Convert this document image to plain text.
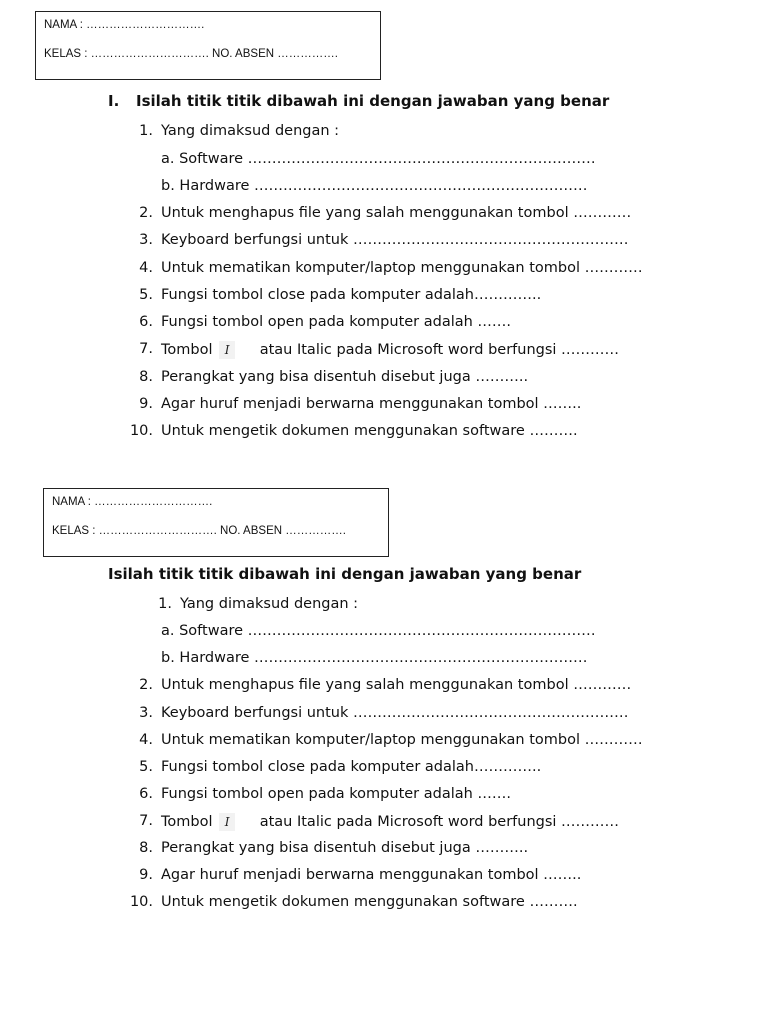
NAMA : ………………………….
KELAS : …………………………. NO. ABSEN …………….
I. Isilah titik titik dibawah ini dengan jawaban yang benar
1. Yang dimaksud dengan :
a. Software ………………………………………………………………
b. Hardware ……………………………………………………………
2. Untuk menghapus file yang salah menggunakan tombol …………
3. Keyboard berfungsi untuk …………………………………………………
4. Untuk mematikan komputer/laptop menggunakan tombol …………
5. Fungsi tombol close pada komputer adalah…………..
6. Fungsi tombol open pada komputer adalah …….
7. Tombol I atau Italic pada Microsoft word berfungsi …………
8. Perangkat yang bisa disentuh disebut juga ………..
9. Agar huruf menjadi berwarna menggunakan tombol ……..
10. Untuk mengetik dokumen menggunakan software ……….
NAMA : ………………………….
KELAS : …………………………. NO. ABSEN …………….
Isilah titik titik dibawah ini dengan jawaban yang benar
1. Yang dimaksud dengan :
a. Software ………………………………………………………………
b. Hardware ……………………………………………………………
2. Untuk menghapus file yang salah menggunakan tombol …………
3. Keyboard berfungsi untuk …………………………………………………
4. Untuk mematikan komputer/laptop menggunakan tombol …………
5. Fungsi tombol close pada komputer adalah…………..
6. Fungsi tombol open pada komputer adalah …….
7. Tombol I atau Italic pada Microsoft word berfungsi …………
8. Perangkat yang bisa disentuh disebut juga ………..
9. Agar huruf menjadi berwarna menggunakan tombol ……..
10. Untuk mengetik dokumen menggunakan software ……….
